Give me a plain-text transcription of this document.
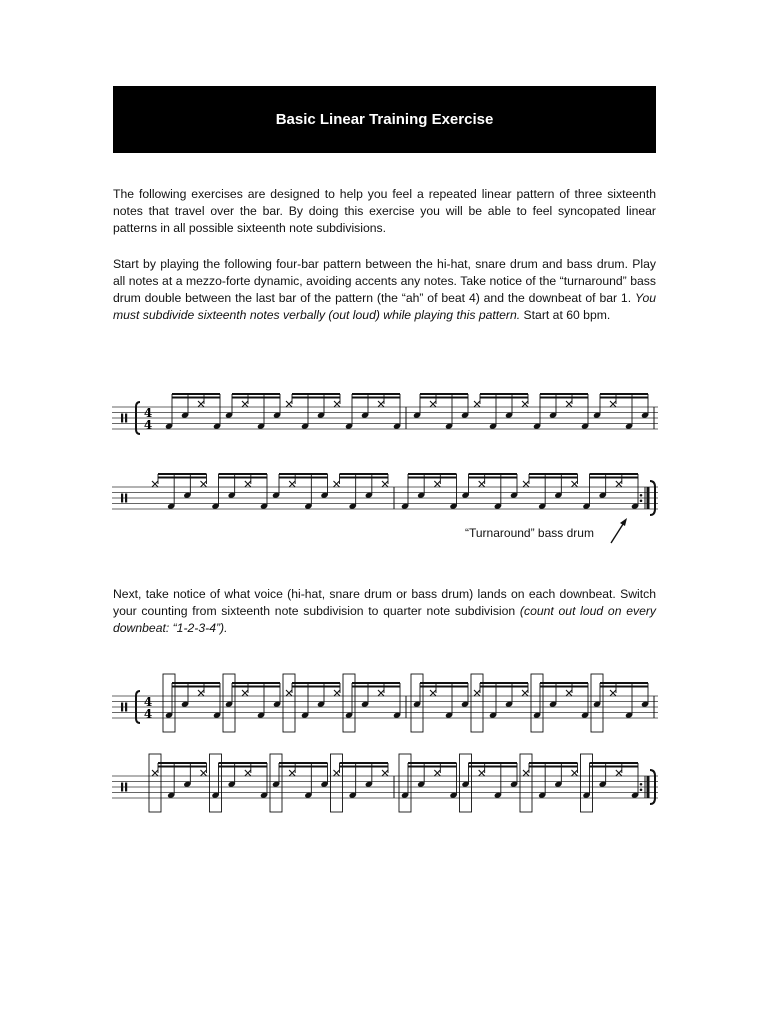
Basic Linear Training Exercise

The following exercises are designed to help you feel a repeated linear pattern of three sixteenth notes that travel over the bar. By doing this exercise you will be able to feel syncopated linear patterns in all possible sixteenth note subdivisions.

Start by playing the following four-bar pattern between the hi-hat, snare drum and bass drum. Play all notes at a mezzo-forte dynamic, avoiding accents any notes. Take notice of the “turnaround” bass drum double between the last bar of the pattern (the “ah” of beat 4) and the downbeat of bar 1. You must subdivide sixteenth notes verbally (out loud) while playing this pattern. Start at 60 bpm.

4
4
“Turnaround” bass drum

Next, take notice of what voice (hi-hat, snare drum or bass drum) lands on each downbeat. Switch your counting from sixteenth note subdivision to quarter note subdivision (count out loud on every downbeat: “1-2-3-4”).

4
4
